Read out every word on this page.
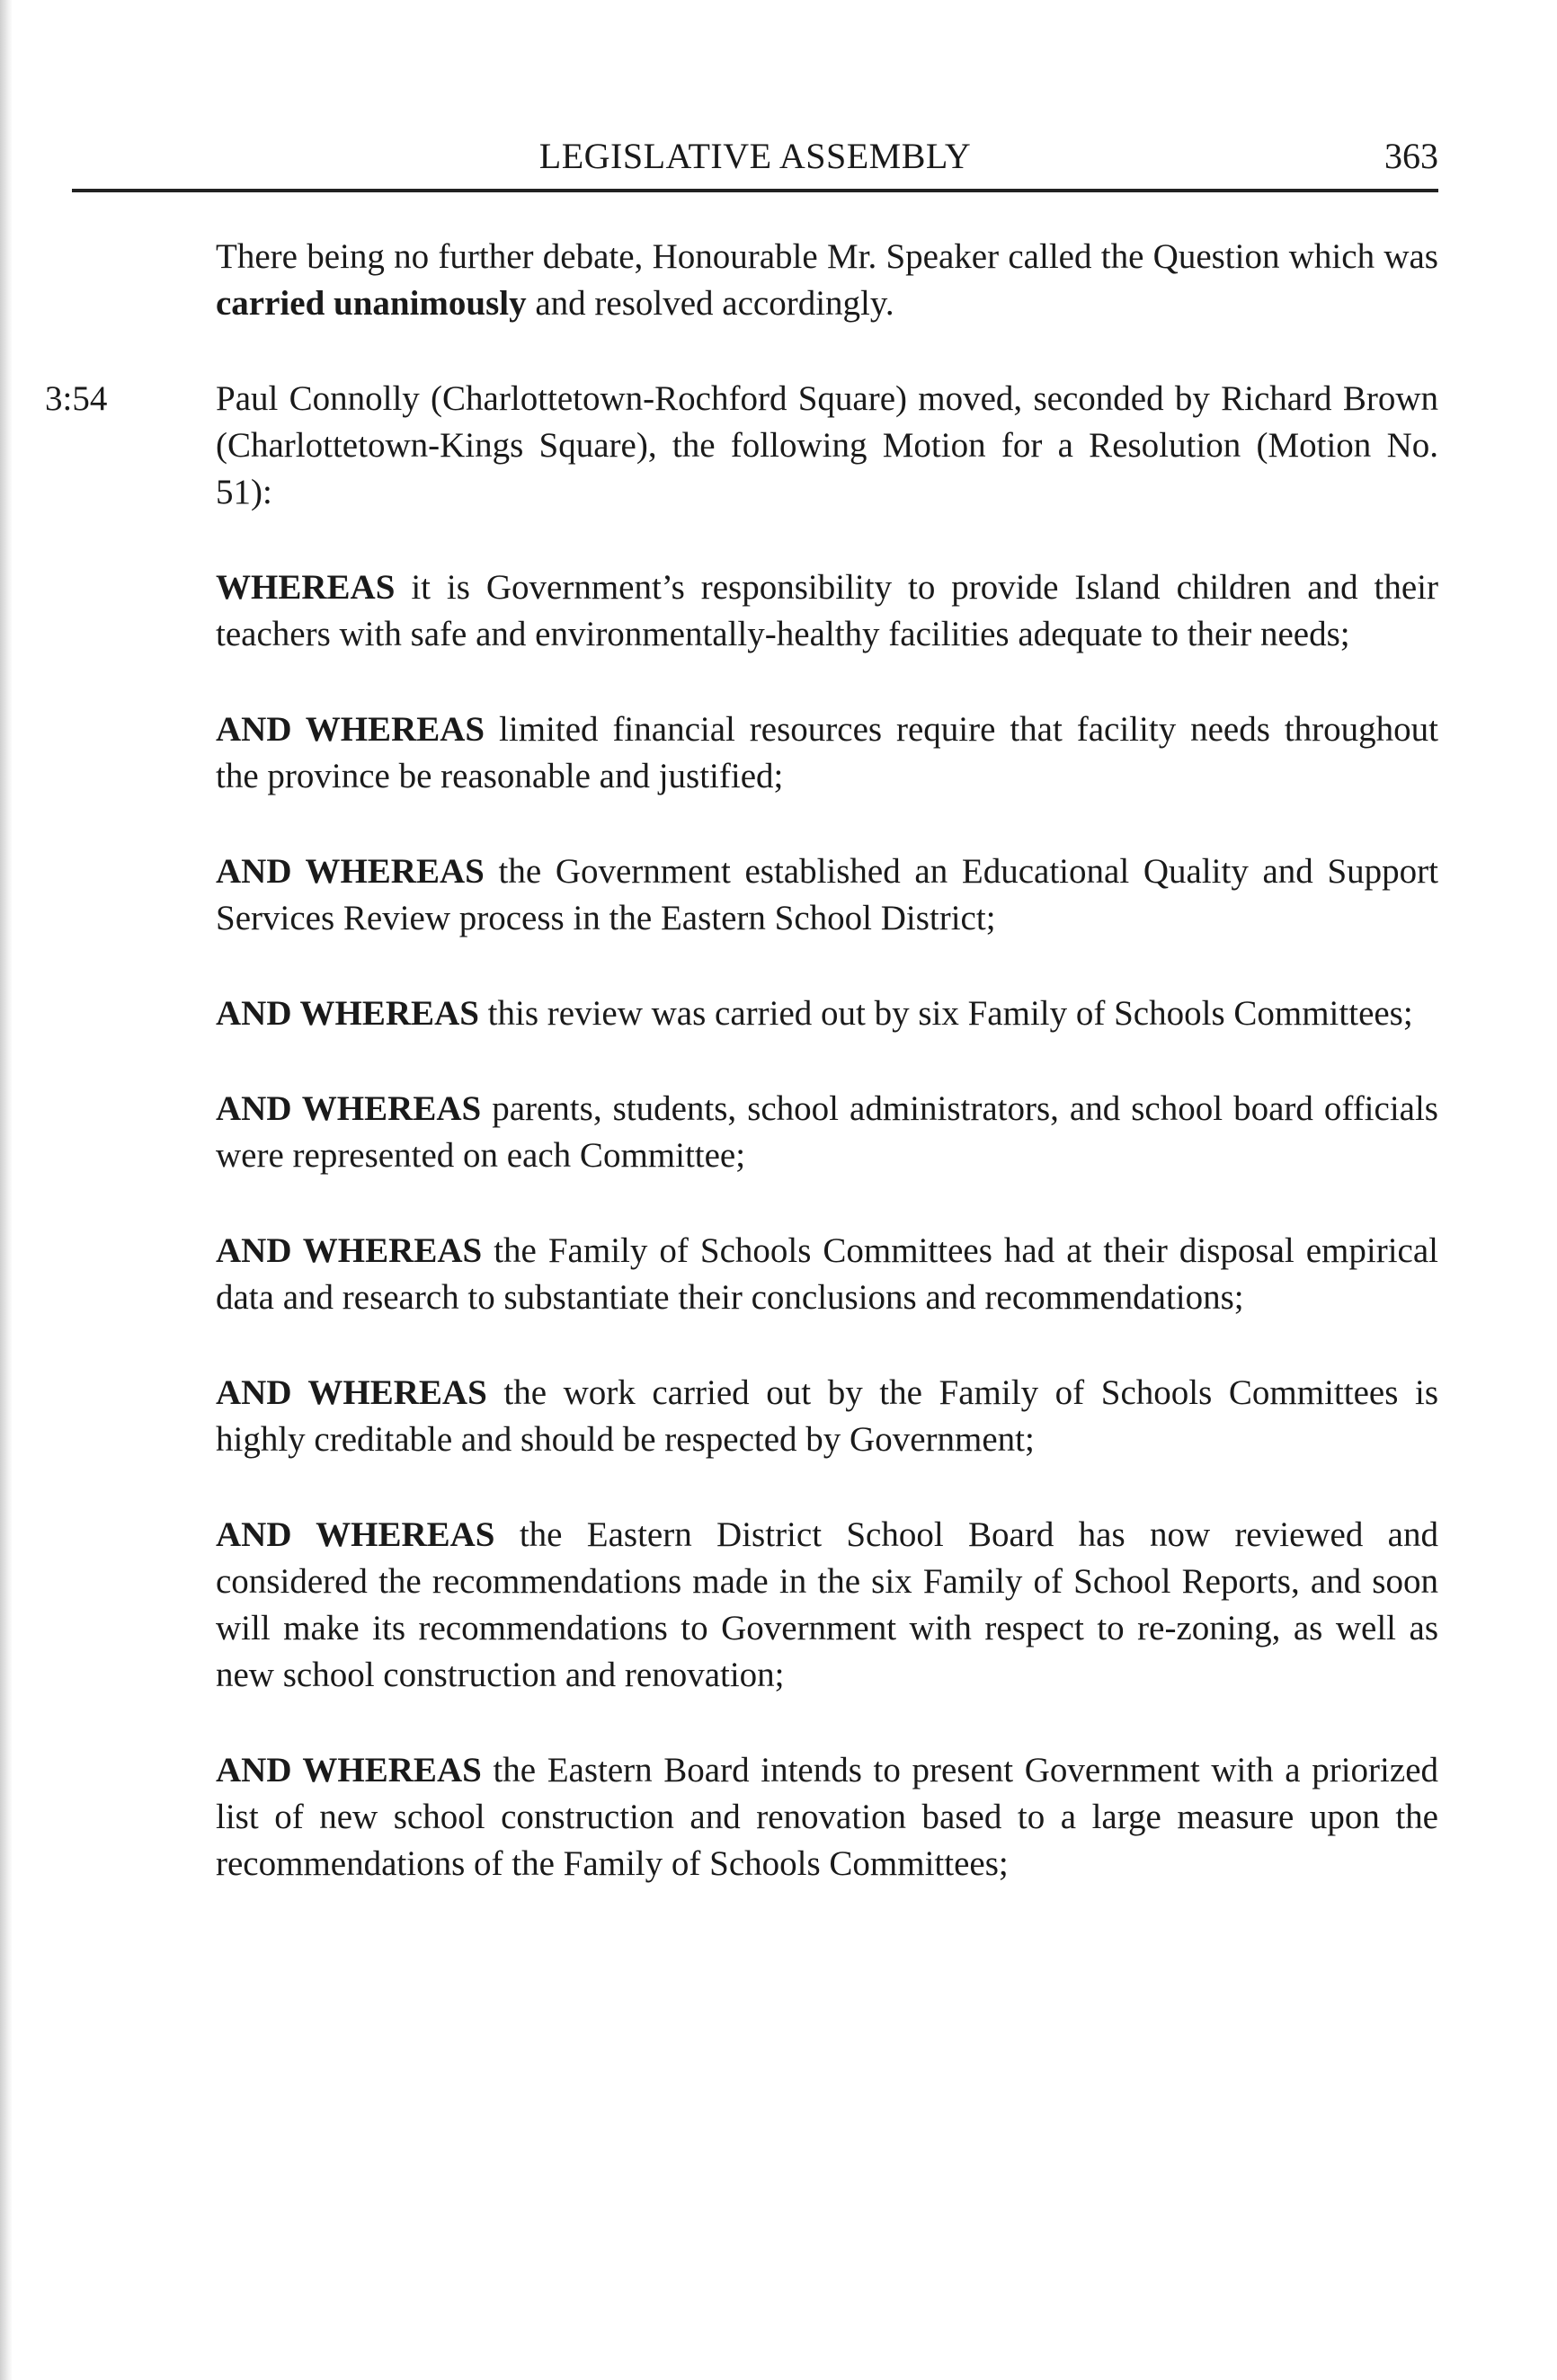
LEGISLATIVE ASSEMBLY	363

There being no further debate, Honourable Mr. Speaker called the Question which was carried unanimously and resolved accordingly.

3:54	Paul Connolly (Charlottetown-Rochford Square) moved, seconded by Richard Brown (Charlottetown-Kings Square), the following Motion for a Resolution (Motion No. 51):

WHEREAS it is Government’s responsibility to provide Island children and their teachers with safe and environmentally-healthy facilities adequate to their needs;

AND WHEREAS limited financial resources require that facility needs throughout the province be reasonable and justified;

AND WHEREAS the Government established an Educational Quality and Support Services Review process in the Eastern School District;

AND WHEREAS this review was carried out by six Family of Schools Committees;

AND WHEREAS parents, students, school administrators, and school board officials were represented on each Committee;

AND WHEREAS the Family of Schools Committees had at their disposal empirical data and research to substantiate their conclusions and recommendations;

AND WHEREAS the work carried out by the Family of Schools Committees is highly creditable and should be respected by Government;

AND WHEREAS the Eastern District School Board has now reviewed and considered the recommendations made in the six Family of School Reports, and soon will make its recommendations to Government with respect to re-zoning, as well as new school construction and renovation;

AND WHEREAS the Eastern Board intends to present Government with a priorized list of new school construction and renovation based to a large measure upon the recommendations of the Family of Schools Committees;
